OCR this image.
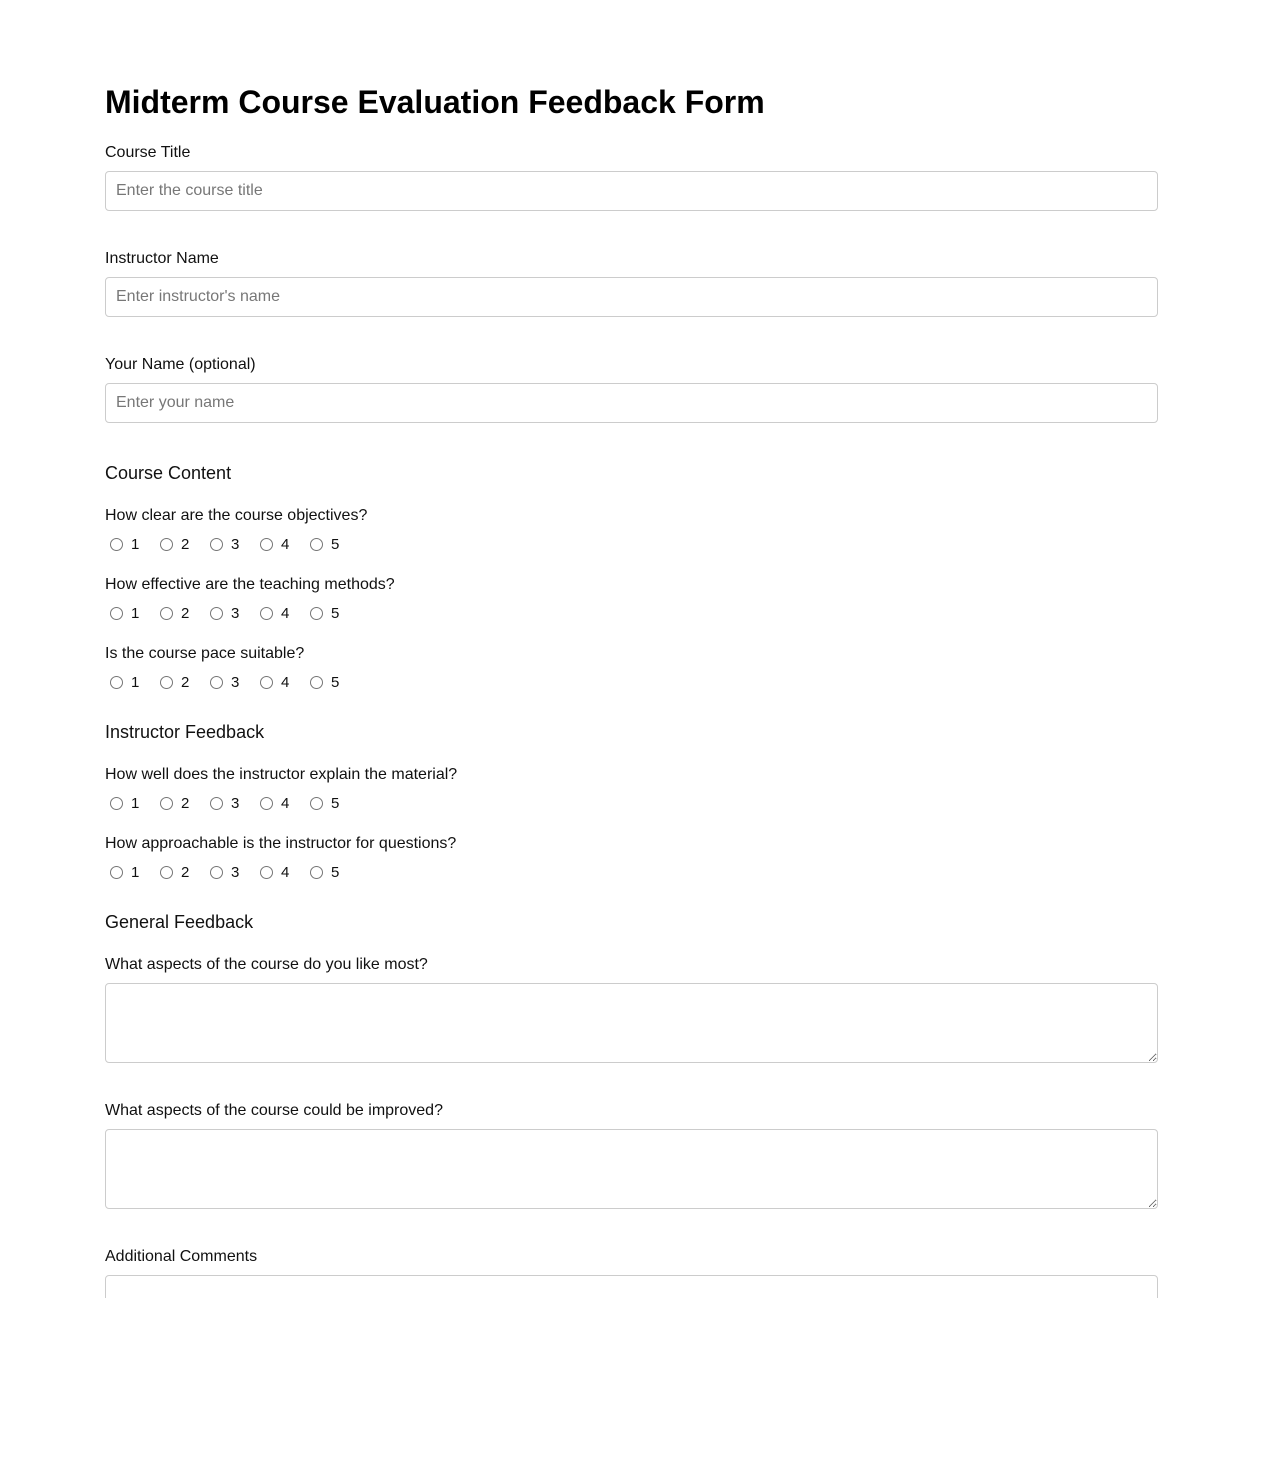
Midterm Course Evaluation Feedback Form
Course Title
Enter the course title
Instructor Name
Enter instructor's name
Your Name (optional)
Enter your name
Course Content
How clear are the course objectives?
1	2	3	4	5
How effective are the teaching methods?
1	2	3	4	5
Is the course pace suitable?
1	2	3	4	5
Instructor Feedback
How well does the instructor explain the material?
1	2	3	4	5
How approachable is the instructor for questions?
1	2	3	4	5
General Feedback
What aspects of the course do you like most?
What aspects of the course could be improved?
Additional Comments
